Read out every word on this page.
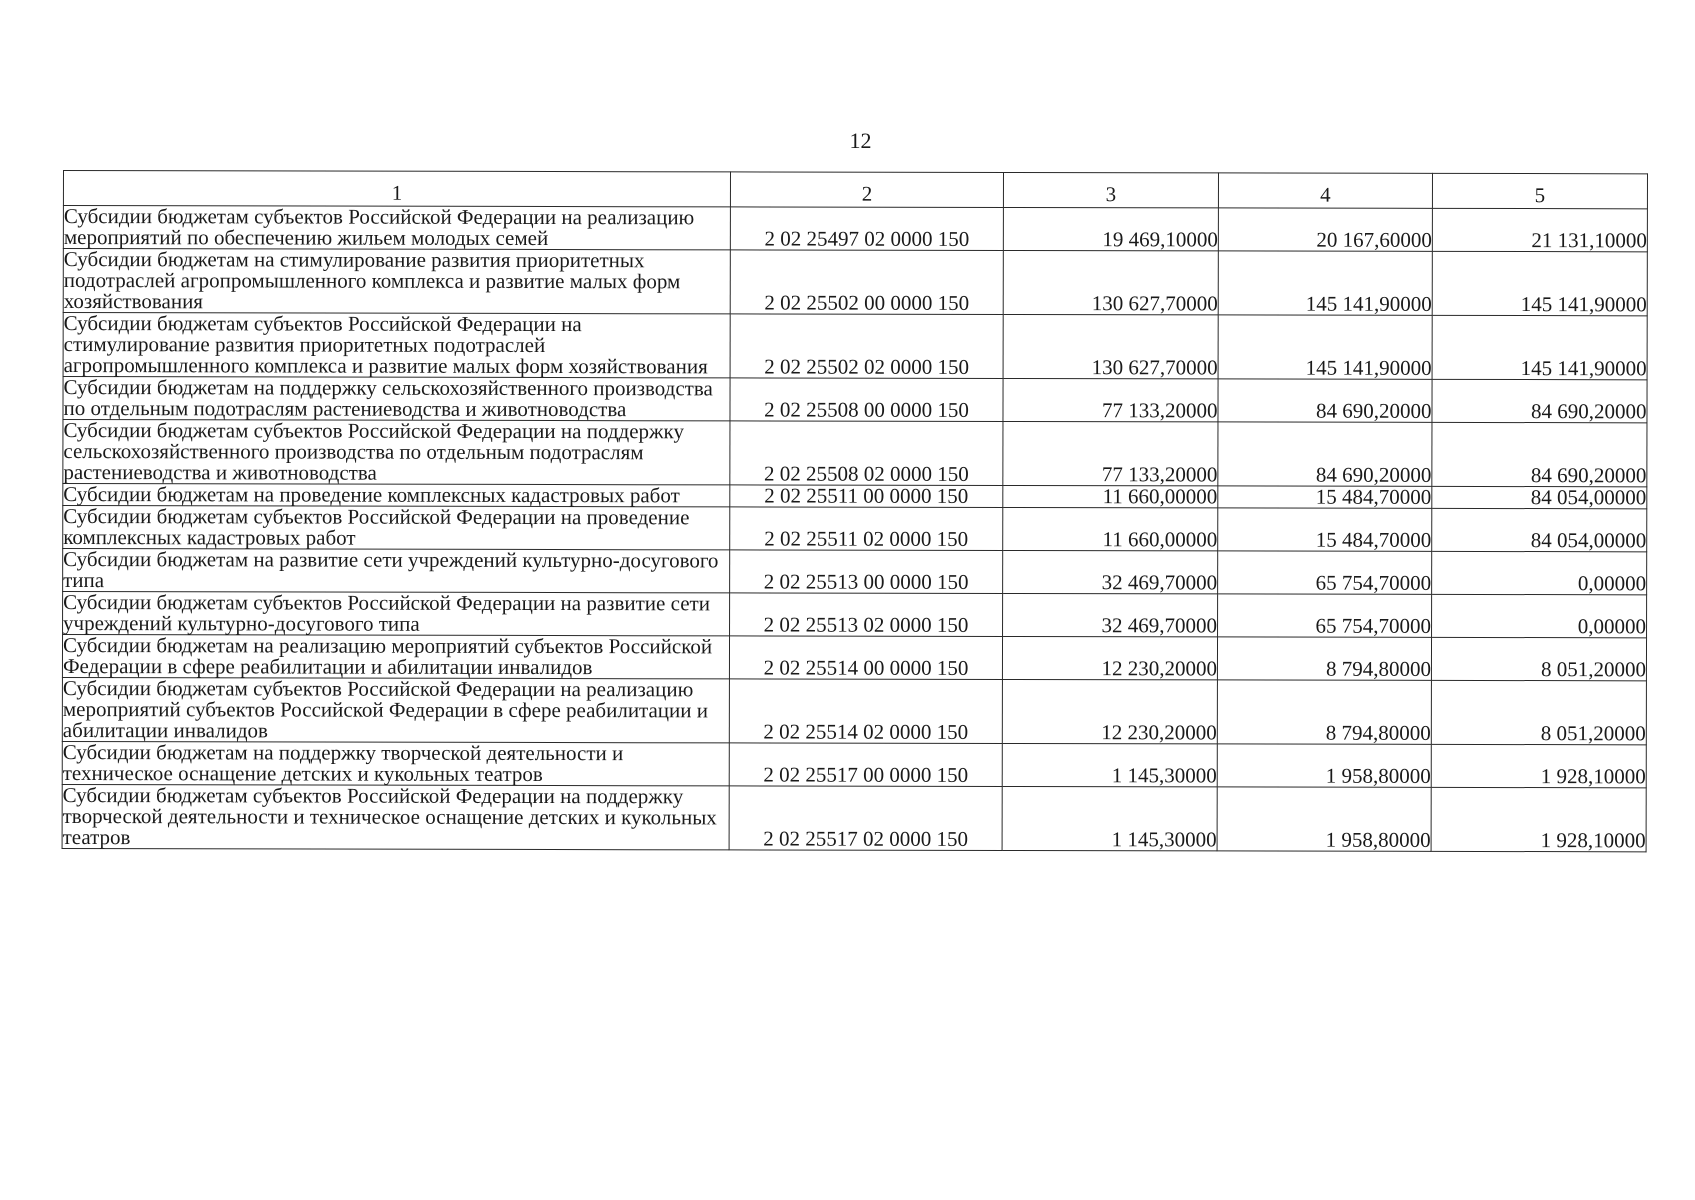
12
1	2	3	4	5
Субсидии бюджетам субъектов Российской Федерации на реализацию мероприятий по обеспечению жильем молодых семей	2 02 25497 02 0000 150	19 469,10000	20 167,60000	21 131,10000
Субсидии бюджетам на стимулирование развития приоритетных подотраслей агропромышленного комплекса и развитие малых форм хозяйствования	2 02 25502 00 0000 150	130 627,70000	145 141,90000	145 141,90000
Субсидии бюджетам субъектов Российской Федерации на стимулирование развития приоритетных подотраслей агропромышленного комплекса и развитие малых форм хозяйствования	2 02 25502 02 0000 150	130 627,70000	145 141,90000	145 141,90000
Субсидии бюджетам на поддержку сельскохозяйственного производства по отдельным подотраслям растениеводства и животноводства	2 02 25508 00 0000 150	77 133,20000	84 690,20000	84 690,20000
Субсидии бюджетам субъектов Российской Федерации на поддержку сельскохозяйственного производства по отдельным подотраслям растениеводства и животноводства	2 02 25508 02 0000 150	77 133,20000	84 690,20000	84 690,20000
Субсидии бюджетам на проведение комплексных кадастровых работ	2 02 25511 00 0000 150	11 660,00000	15 484,70000	84 054,00000
Субсидии бюджетам субъектов Российской Федерации на проведение комплексных кадастровых работ	2 02 25511 02 0000 150	11 660,00000	15 484,70000	84 054,00000
Субсидии бюджетам на развитие сети учреждений культурно-досугового типа	2 02 25513 00 0000 150	32 469,70000	65 754,70000	0,00000
Субсидии бюджетам субъектов Российской Федерации на развитие сети учреждений культурно-досугового типа	2 02 25513 02 0000 150	32 469,70000	65 754,70000	0,00000
Субсидии бюджетам на реализацию мероприятий субъектов Российской Федерации в сфере реабилитации и абилитации инвалидов	2 02 25514 00 0000 150	12 230,20000	8 794,80000	8 051,20000
Субсидии бюджетам субъектов Российской Федерации на реализацию мероприятий субъектов Российской Федерации в сфере реабилитации и абилитации инвалидов	2 02 25514 02 0000 150	12 230,20000	8 794,80000	8 051,20000
Субсидии бюджетам на поддержку творческой деятельности и техническое оснащение детских и кукольных театров	2 02 25517 00 0000 150	1 145,30000	1 958,80000	1 928,10000
Субсидии бюджетам субъектов Российской Федерации на поддержку творческой деятельности и техническое оснащение детских и кукольных театров	2 02 25517 02 0000 150	1 145,30000	1 958,80000	1 928,10000
